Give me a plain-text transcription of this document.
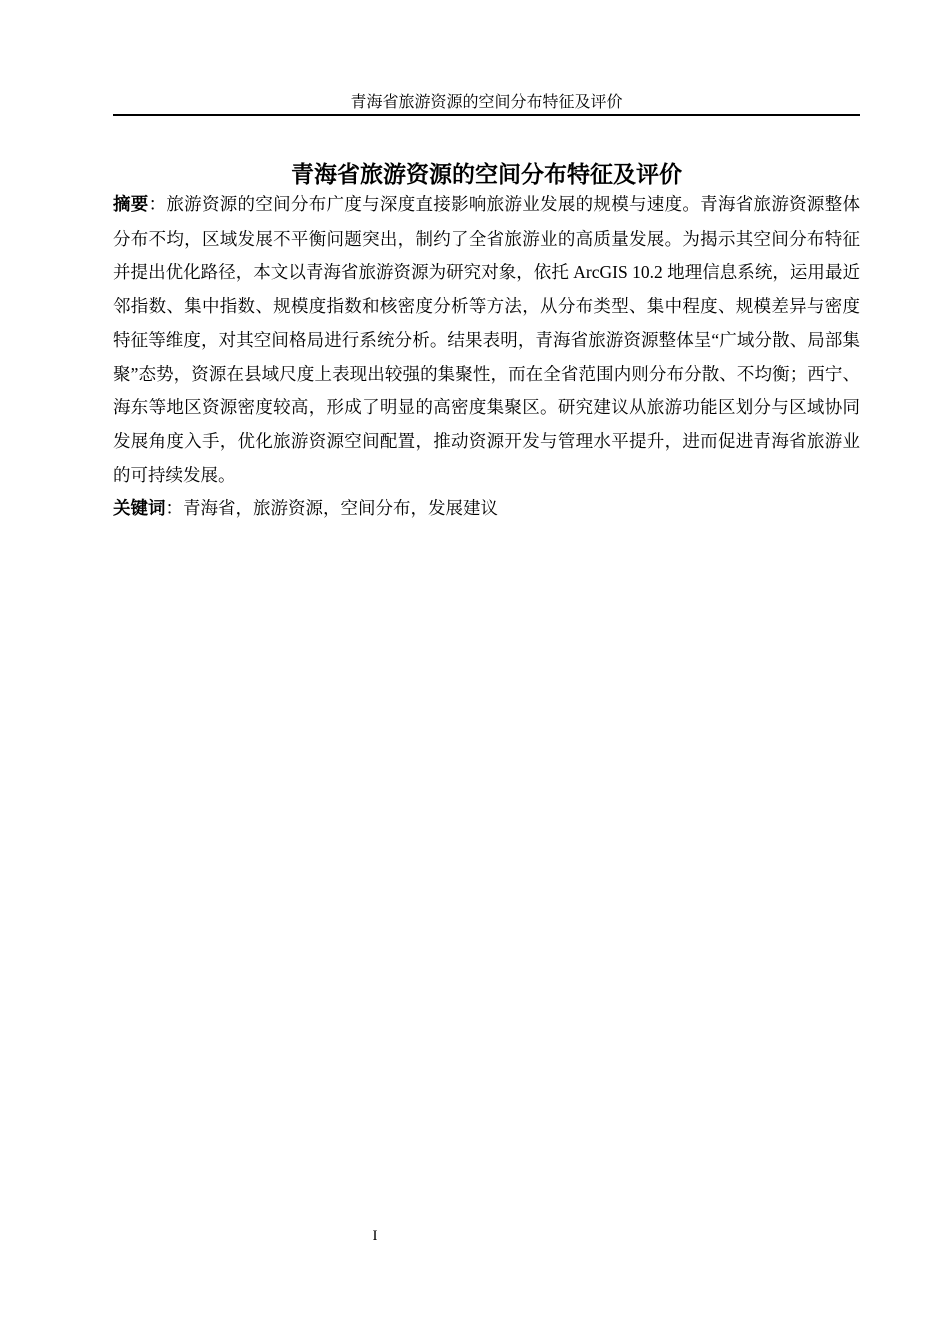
青海省旅游资源的空间分布特征及评价
青海省旅游资源的空间分布特征及评价

摘要：旅游资源的空间分布广度与深度直接影响旅游业发展的规模与速度。青海省旅游资源整体分布不均，区域发展不平衡问题突出，制约了全省旅游业的高质量发展。为揭示其空间分布特征并提出优化路径，本文以青海省旅游资源为研究对象，依托 ArcGIS 10.2 地理信息系统，运用最近邻指数、集中指数、规模度指数和核密度分析等方法，从分布类型、集中程度、规模差异与密度特征等维度，对其空间格局进行系统分析。结果表明，青海省旅游资源整体呈“广域分散、局部集聚”态势，资源在县域尺度上表现出较强的集聚性，而在全省范围内则分布分散、不均衡；西宁、海东等地区资源密度较高，形成了明显的高密度集聚区。研究建议从旅游功能区划分与区域协同发展角度入手，优化旅游资源空间配置，推动资源开发与管理水平提升，进而促进青海省旅游业的可持续发展。

关键词：青海省，旅游资源，空间分布，发展建议

I
